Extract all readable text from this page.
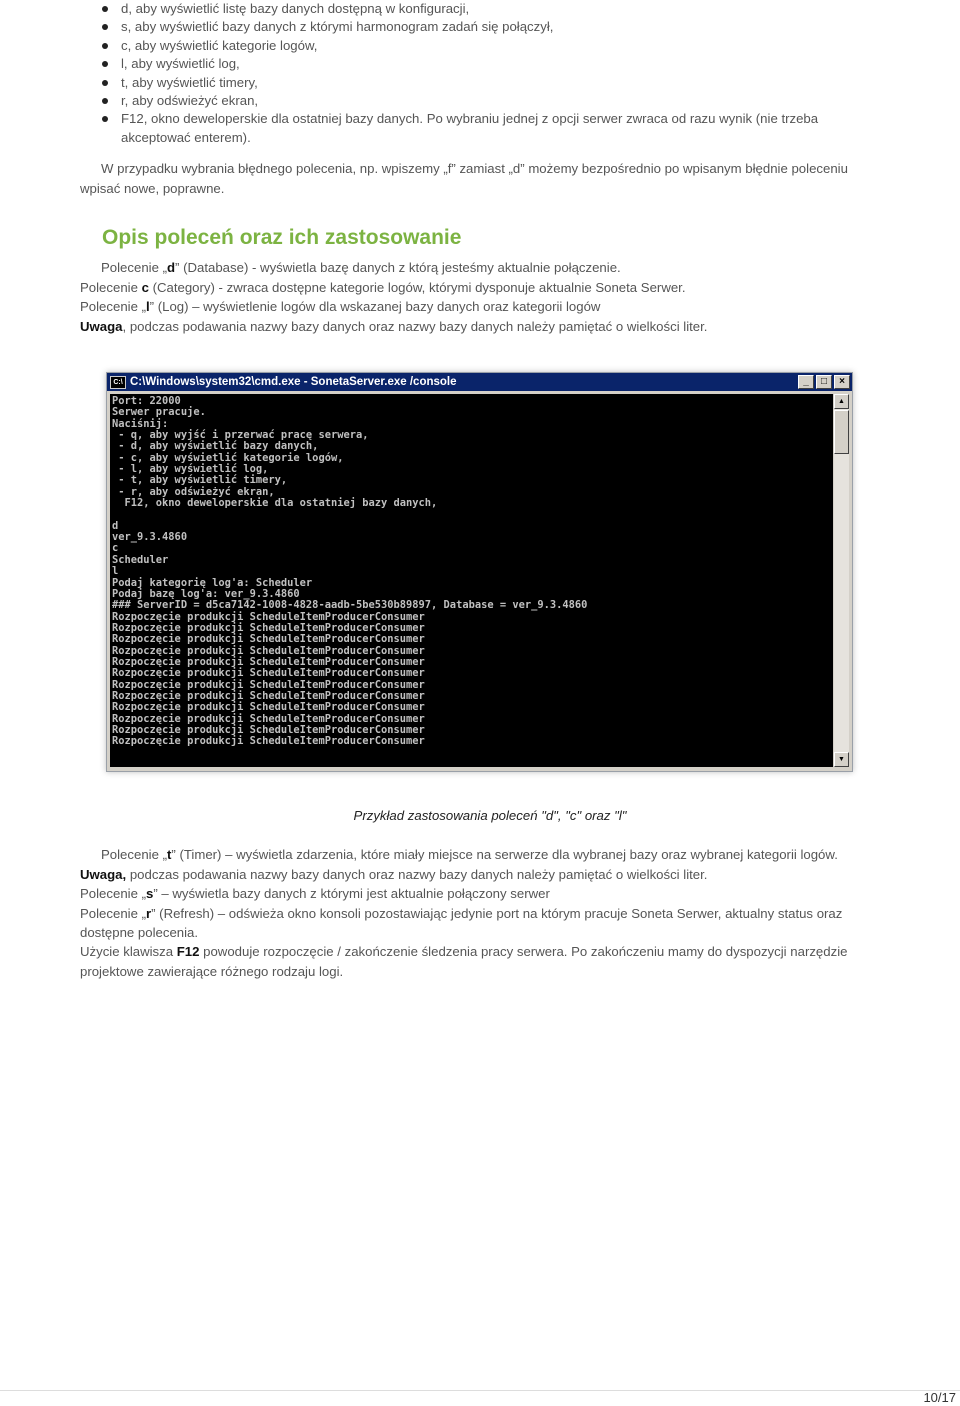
d, aby wyświetlić listę bazy danych dostępną w konfiguracji,
s, aby wyświetlić bazy danych z którymi harmonogram zadań się połączył,
c, aby wyświetlić kategorie logów,
l, aby wyświetlić log,
t, aby wyświetlić timery,
r, aby odświeżyć ekran,
F12, okno deweloperskie dla ostatniej bazy danych. Po wybraniu jednej z opcji serwer zwraca od razu wynik (nie trzeba akceptować enterem).

W przypadku wybrania błędnego polecenia, np. wpiszemy „f” zamiast „d” możemy bezpośrednio po wpisanym błędnie poleceniu wpisać nowe, poprawne.

Opis poleceń oraz ich zastosowanie

Polecenie „d” (Database) - wyświetla bazę danych z którą jesteśmy aktualnie połączenie.

Polecenie c (Category) - zwraca dostępne kategorie logów, którymi dysponuje aktualnie Soneta Serwer.

Polecenie „l” (Log) – wyświetlenie logów dla wskazanej bazy danych oraz kategorii logów

Uwaga, podczas podawania nazwy bazy danych oraz nazwy bazy danych należy pamiętać o wielkości liter.

C:\ C:\Windows\system32\cmd.exe - SonetaServer.exe /console	_	□	×
Port: 22000
Serwer pracuje.
Naciśnij:
- q, aby wyjść i przerwać pracę serwera,
- d, aby wyświetlić bazy danych,
- c, aby wyświetlić kategorie logów,
- l, aby wyświetlić log,
- t, aby wyświetlić timery,
- r, aby odświeżyć ekran,
F12, okno deweloperskie dla ostatniej bazy danych,

d
ver_9.3.4860
c
Scheduler
l
Podaj kategorię log'a: Scheduler
Podaj bazę log'a: ver_9.3.4860
### ServerID = d5ca7142-1008-4828-aadb-5be530b89897, Database = ver_9.3.4860
Rozpoczęcie produkcji ScheduleItemProducerConsumer
Rozpoczęcie produkcji ScheduleItemProducerConsumer
Rozpoczęcie produkcji ScheduleItemProducerConsumer
Rozpoczęcie produkcji ScheduleItemProducerConsumer
Rozpoczęcie produkcji ScheduleItemProducerConsumer
Rozpoczęcie produkcji ScheduleItemProducerConsumer
Rozpoczęcie produkcji ScheduleItemProducerConsumer
Rozpoczęcie produkcji ScheduleItemProducerConsumer
Rozpoczęcie produkcji ScheduleItemProducerConsumer
Rozpoczęcie produkcji ScheduleItemProducerConsumer
Rozpoczęcie produkcji ScheduleItemProducerConsumer
Rozpoczęcie produkcji ScheduleItemProducerConsumer
▲
▼
Przykład zastosowania poleceń "d", "c" oraz "l"

Polecenie „t” (Timer) – wyświetla zdarzenia, które miały miejsce na serwerze dla wybranej bazy oraz wybranej kategorii logów.

Uwaga, podczas podawania nazwy bazy danych oraz nazwy bazy danych należy pamiętać o wielkości liter.

Polecenie „s” – wyświetla bazy danych z którymi jest aktualnie połączony serwer

Polecenie „r” (Refresh) – odświeża okno konsoli pozostawiając jedynie port na którym pracuje Soneta Serwer, aktualny status oraz dostępne polecenia.

Użycie klawisza F12 powoduje rozpoczęcie / zakończenie śledzenia pracy serwera. Po zakończeniu mamy do dyspozycji narzędzie projektowe zawierające różnego rodzaju logi.

10/17
